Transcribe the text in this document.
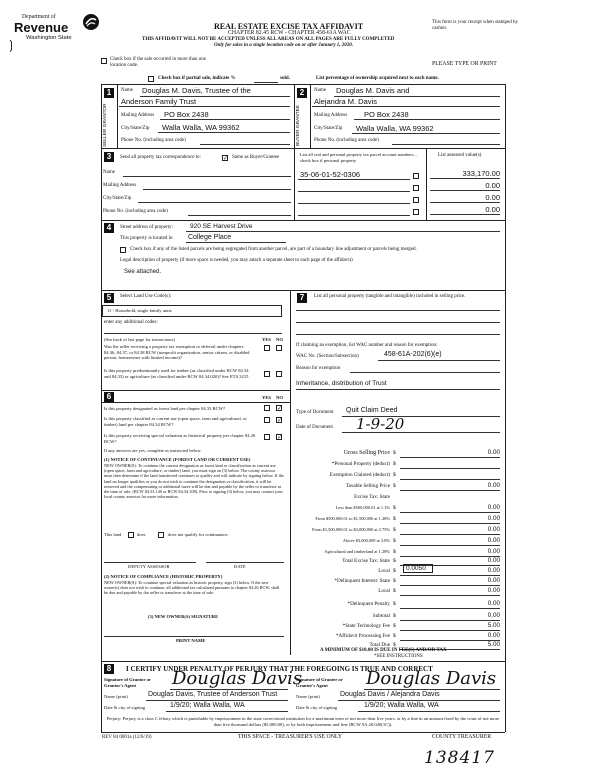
Department of
Revenue
Washington State
❳
REAL ESTATE EXCISE TAX AFFIDAVIT
CHAPTER 82.45 RCW - CHAPTER 458-61A WAC
THIS AFFIDAVIT WILL NOT BE ACCEPTED UNLESS ALL AREAS ON ALL PAGES ARE FULLY COMPLETED
Only for sales in a single location code on or after January 1, 2020.
This form is your receipt when stamped by cashier.
PLEASE TYPE OR PRINT
Check box if the sale occurred in more than one location code.
Check box if partial sale, indicate %	sold.	List percentage of ownership acquired next to each name.
1
SELLER GRANTOR
Name Douglas M. Davis, Trustee of the
Anderson Family Trust
Mailing Address PO Box 2438
City/State/Zip Walla Walla, WA 99362
Phone No. (including area code)
2
BUYER GRANTEE
Name Douglas M. Davis and
Alejandra M. Davis
Mailing Address PO Box 2438
City/State/Zip Walla Walla, WA 99362
Phone No. (including area code)
3	Send all property tax correspondence to:	✓ Same as Buyer/Grantee
Name
Mailing Address
City/State/Zip
Phone No. (including area code)
List all real and personal property tax parcel account numbers – check box if personal property
List assessed value(s)
35-06-01-52-0306	333,170.00
0.00
0.00
0.00
4	Street address of property:	920 SE Harvest Drive
This property is located in College Place
Check box if any of the listed parcels are being segregated from another parcel, are part of a boundary line adjustment or parcels being merged.
Legal description of property (if more space is needed, you may attach a separate sheet to each page of the affidavit)
See attached.
5	Select Land Use Code(s):
11 - Household, single family units
enter any additional codes:
(See back of last page for instructions)	YES NO
Was the seller receiving a property tax exemption or deferral under chapters 84.36, 84.37, or 84.38 RCW (nonprofit organization, senior citizen, or disabled person, homeowner with limited income)?
Is this property predominantly used for timber (as classified under RCW 84.34 and 84.33) or agriculture (as classified under RCW 84.34.020)? See ETA 3215
6	YES NO
Is this property designated as forest land per chapter 84.33 RCW?	✓
Is this property classified as current use (open space, farm and agricultural, or timber) land per chapter 84.34 RCW?
✓
Is this property receiving special valuation as historical property per chapter 84.26 RCW?
✓
If any answers are yes, complete as instructed below.
(1) NOTICE OF CONTINUANCE (FOREST LAND OR CURRENT USE)
NEW OWNER(S): To continue the current designation as forest land or classification as current use (open space, farm and agriculture, or timber) land, you must sign on (3) below. The county assessor must then determine if the land transferred continues to qualify and will indicate by signing below. If the land no longer qualifies or you do not wish to continue the designation or classification, it will be removed and the compensating or additional taxes will be due and payable by the seller or transferor at the time of sale. (RCW 84.33.140 or RCW 84.34.108). Prior to signing (3) below, you may contact your local county assessor for more information.
This land	does	does not qualify for continuance.
DEPUTY ASSESSOR	DATE
(2) NOTICE OF COMPLIANCE (HISTORIC PROPERTY)
NEW OWNER(S): To continue special valuation as historic property, sign (3) below. If the new owner(s) does not wish to continue, all additional tax calculated pursuant to chapter 84.26 RCW, shall be due and payable by the seller or transferor at the time of sale.
(3) NEW OWNER(S) SIGNATURE
PRINT NAME
7	List all personal property (tangible and intangible) included in selling price.
If claiming an exemption, list WAC number and reason for exemption:
WAC No. (Section/Subsection)	458-61A-202(6)(e)
Reason for exemption
Inheritance, distribution of Trust
Type of Document Quit Claim Deed
Date of Document 1-9-20
Gross Selling Price $	0.00
*Personal Property (deduct) $
Exemption Claimed (deduct) $
Taxable Selling Price $	0.00
Excise Tax: State
Less than $500,000.01 at 1.1% $	0.00
From $500,000.01 to $1,500,000 at 1.28% $	0.00
From $1,500,000.01 to $3,000,000 at 2.75% $	0.00
Above $3,000,000 at 3.0% $	0.00
Agricultural and timberland at 1.28% $	0.00
Total Excise Tax: State $	0.00
Local $	0.00
*Delinquent Interest: State $	0.00
Local $	0.00
*Delinquent Penalty $	0.00
Subtotal $	0.00
*State Technology Fee $	5.00
*Affidavit Processing Fee $	0.00
Total Due $	5.00
0.0050
A MINIMUM OF $10.00 IS DUE IN FEE(S) AND/OR TAX
*SEE INSTRUCTIONS
8	I CERTIFY UNDER PENALTY OF PERJURY THAT THE FOREGOING IS TRUE AND CORRECT
Signature of Grantor or Grantor's Agent	Douglas Davis
Signature of Grantee or Grantee's Agent	Douglas Davis
Name (print)	Douglas Davis, Trustee of Anderson Trust	Name (print)	Douglas Davis / Alejandra Davis
Date & city of signing	1/9/20; Walla Walla, WA	Date & city of signing	1/9/20; Walla Walla, WA
Perjury: Perjury is a class C felony which is punishable by imprisonment in the state correctional institution for a maximum term of not more than five years, or by a fine in an amount fixed by the court of not more than five thousand dollars ($5,000.00), or by both imprisonment and fine (RCW 9A.20.020(1C)).
REV 84 0001a (12/6/19)	THIS SPACE - TREASURER'S USE ONLY	COUNTY TREASURER
138417
